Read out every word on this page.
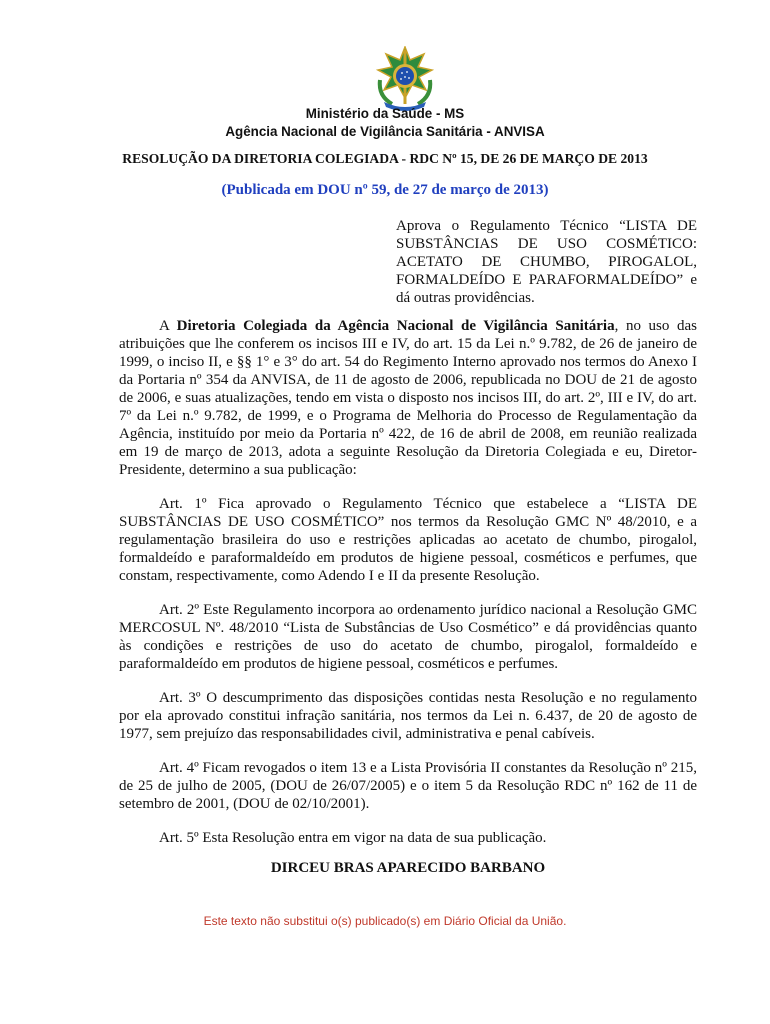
Ministério da Saúde - MS
Agência Nacional de Vigilância Sanitária - ANVISA
RESOLUÇÃO DA DIRETORIA COLEGIADA - RDC Nº 15, DE 26 DE MARÇO DE 2013
(Publicada em DOU nº 59, de 27 de março de 2013)
Aprova o Regulamento Técnico “LISTA DE SUBSTÂNCIAS DE USO COSMÉTICO: ACETATO DE CHUMBO, PIROGALOL, FORMALDEÍDO E PARAFORMALDEÍDO” e dá outras providências.

A Diretoria Colegiada da Agência Nacional de Vigilância Sanitária, no uso das atribuições que lhe conferem os incisos III e IV, do art. 15 da Lei n.º 9.782, de 26 de janeiro de 1999, o inciso II, e §§ 1° e 3° do art. 54 do Regimento Interno aprovado nos termos do Anexo I da Portaria nº 354 da ANVISA, de 11 de agosto de 2006, republicada no DOU de 21 de agosto de 2006, e suas atualizações, tendo em vista o disposto nos incisos III, do art. 2º, III e IV, do art. 7º da Lei n.º 9.782, de 1999, e o Programa de Melhoria do Processo de Regulamentação da Agência, instituído por meio da Portaria nº 422, de 16 de abril de 2008, em reunião realizada em 19 de março de 2013, adota a seguinte Resolução da Diretoria Colegiada e eu, Diretor-Presidente, determino a sua publicação:

Art. 1º Fica aprovado o Regulamento Técnico que estabelece a “LISTA DE SUBSTÂNCIAS DE USO COSMÉTICO” nos termos da Resolução GMC Nº 48/2010, e a regulamentação brasileira do uso e restrições aplicadas ao acetato de chumbo, pirogalol, formaldeído e paraformaldeído em produtos de higiene pessoal, cosméticos e perfumes, que constam, respectivamente, como Adendo I e II da presente Resolução.

Art. 2º Este Regulamento incorpora ao ordenamento jurídico nacional a Resolução GMC MERCOSUL Nº. 48/2010 “Lista de Substâncias de Uso Cosmético” e dá providências quanto às condições e restrições de uso do acetato de chumbo, pirogalol, formaldeído e paraformaldeído em produtos de higiene pessoal, cosméticos e perfumes.

Art. 3º O descumprimento das disposições contidas nesta Resolução e no regulamento por ela aprovado constitui infração sanitária, nos termos da Lei n. 6.437, de 20 de agosto de 1977, sem prejuízo das responsabilidades civil, administrativa e penal cabíveis.

Art. 4º Ficam revogados o item 13 e a Lista Provisória II constantes da Resolução nº 215, de 25 de julho de 2005, (DOU de 26/07/2005) e o item 5 da Resolução RDC nº 162 de 11 de setembro de 2001, (DOU de 02/10/2001).

Art. 5º Esta Resolução entra em vigor na data de sua publicação.

DIRCEU BRAS APARECIDO BARBANO
Este texto não substitui o(s) publicado(s) em Diário Oficial da União.
